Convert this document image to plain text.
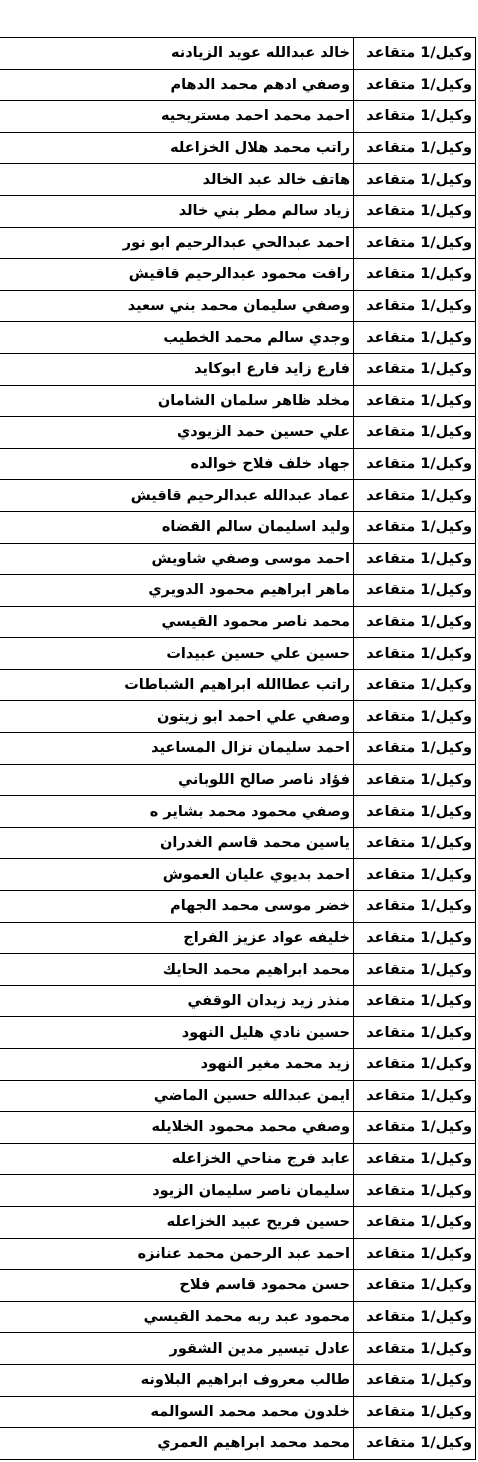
وكيل/1 متقاعد	خالد عبدالله عويد الزيادنه
وكيل/1 متقاعد	وصفي ادهم محمد الدهام
وكيل/1 متقاعد	احمد محمد احمد مستريحيه
وكيل/1 متقاعد	راتب محمد هلال الخزاعله
وكيل/1 متقاعد	هاتف خالد عبد الخالد
وكيل/1 متقاعد	زياد سالم مطر بني خالد
وكيل/1 متقاعد	احمد عبدالحي عبدالرحيم ابو نور
وكيل/1 متقاعد	رافت محمود عبدالرحيم قاقيش
وكيل/1 متقاعد	وصفي سليمان محمد بني سعيد
وكيل/1 متقاعد	وجدي سالم محمد الخطيب
وكيل/1 متقاعد	فارع زايد فارع ابوكايد
وكيل/1 متقاعد	مخلد ظاهر سلمان الشامان
وكيل/1 متقاعد	علي حسين حمد الزيودي
وكيل/1 متقاعد	جهاد خلف فلاح خوالده
وكيل/1 متقاعد	عماد عبدالله عبدالرحيم قاقيش
وكيل/1 متقاعد	وليد اسليمان سالم القضاه
وكيل/1 متقاعد	احمد موسى وصفي شاويش
وكيل/1 متقاعد	ماهر ابراهيم محمود الدويري
وكيل/1 متقاعد	محمد ناصر محمود القيسي
وكيل/1 متقاعد	حسين علي حسين عبيدات
وكيل/1 متقاعد	راتب عطاالله ابراهيم الشباطات
وكيل/1 متقاعد	وصفي علي احمد ابو زيتون
وكيل/1 متقاعد	احمد سليمان نزال المساعيد
وكيل/1 متقاعد	فؤاد ناصر صالح اللوباني
وكيل/1 متقاعد	وصفي محمود محمد بشاير ه
وكيل/1 متقاعد	ياسين محمد قاسم الغدران
وكيل/1 متقاعد	احمد بديوي عليان العموش
وكيل/1 متقاعد	خضر موسى محمد الجهام
وكيل/1 متقاعد	خليفه عواد عزيز الفراج
وكيل/1 متقاعد	محمد ابراهيم محمد الحايك
وكيل/1 متقاعد	منذر زيد زيدان الوقفي
وكيل/1 متقاعد	حسين نادي هليل النهود
وكيل/1 متقاعد	زيد محمد مغير النهود
وكيل/1 متقاعد	ايمن عبدالله حسين الماضي
وكيل/1 متقاعد	وصفي محمد محمود الخلايله
وكيل/1 متقاعد	عابد فرج مناحي الخزاعله
وكيل/1 متقاعد	سليمان ناصر سليمان الزيود
وكيل/1 متقاعد	حسين فريح عبيد الخزاعله
وكيل/1 متقاعد	احمد عبد الرحمن محمد عنانزه
وكيل/1 متقاعد	حسن محمود قاسم فلاح
وكيل/1 متقاعد	محمود عبد ربه محمد القيسي
وكيل/1 متقاعد	عادل تيسير مدين الشقور
وكيل/1 متقاعد	طالب معروف ابراهيم البلاونه
وكيل/1 متقاعد	خلدون محمد محمد السوالمه
وكيل/1 متقاعد	محمد محمد ابراهيم العمري
